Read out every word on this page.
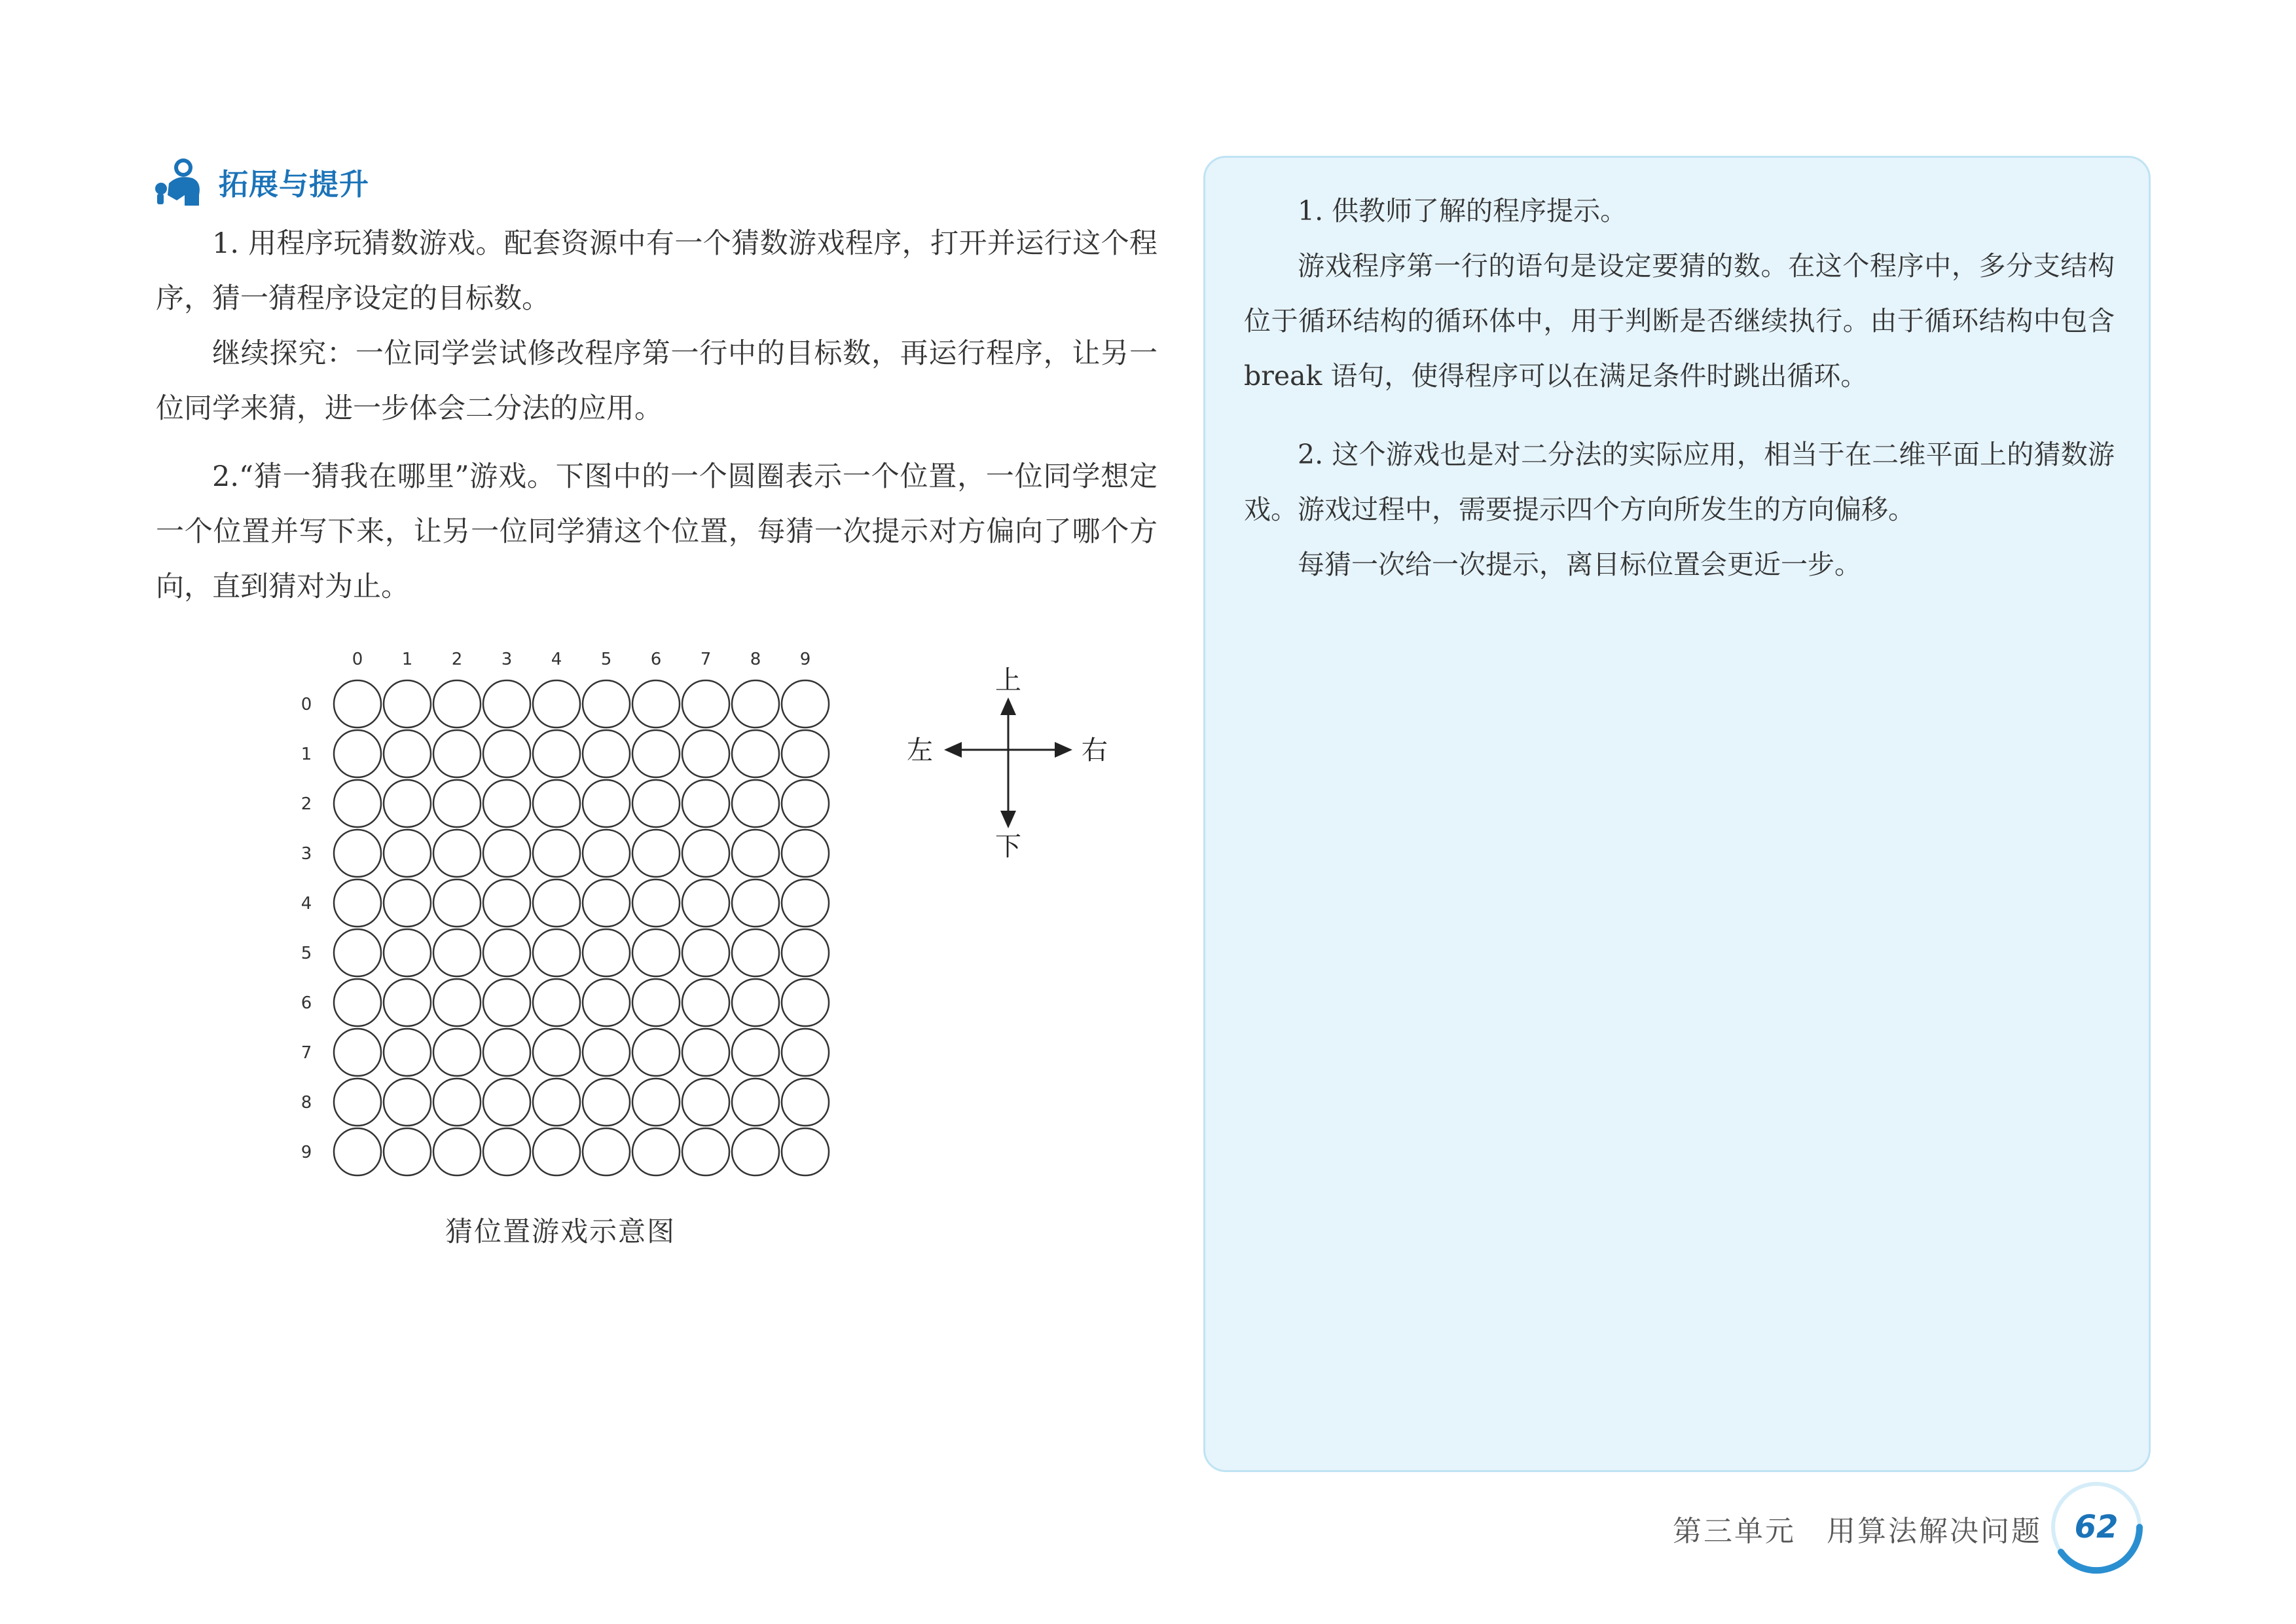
拓展与提升

1. 用程序玩猜数游戏。配套资源中有一个猜数游戏程序，打开并运行这个程序，猜一猜程序设定的目标数。

继续探究：一位同学尝试修改程序第一行中的目标数，再运行程序，让另一位同学来猜，进一步体会二分法的应用。

2.“猜一猜我在哪里”游戏。下图中的一个圆圈表示一个位置，一位同学想定一个位置并写下来，让另一位同学猜这个位置，每猜一次提示对方偏向了哪个方向，直到猜对为止。

0 1 2 3 4 5 6 7 8 9
0
1
2
3
4
5
6
7
8
9
上
下
左	右
猜位置游戏示意图

1. 供教师了解的程序提示。

游戏程序第一行的语句是设定要猜的数。在这个程序中，多分支结构位于循环结构的循环体中，用于判断是否继续执行。由于循环结构中包含 break 语句，使得程序可以在满足条件时跳出循环。

2. 这个游戏也是对二分法的实际应用，相当于在二维平面上的猜数游戏。游戏过程中，需要提示四个方向所发生的方向偏移。

每猜一次给一次提示，离目标位置会更近一步。

第三单元　用算法解决问题	62
